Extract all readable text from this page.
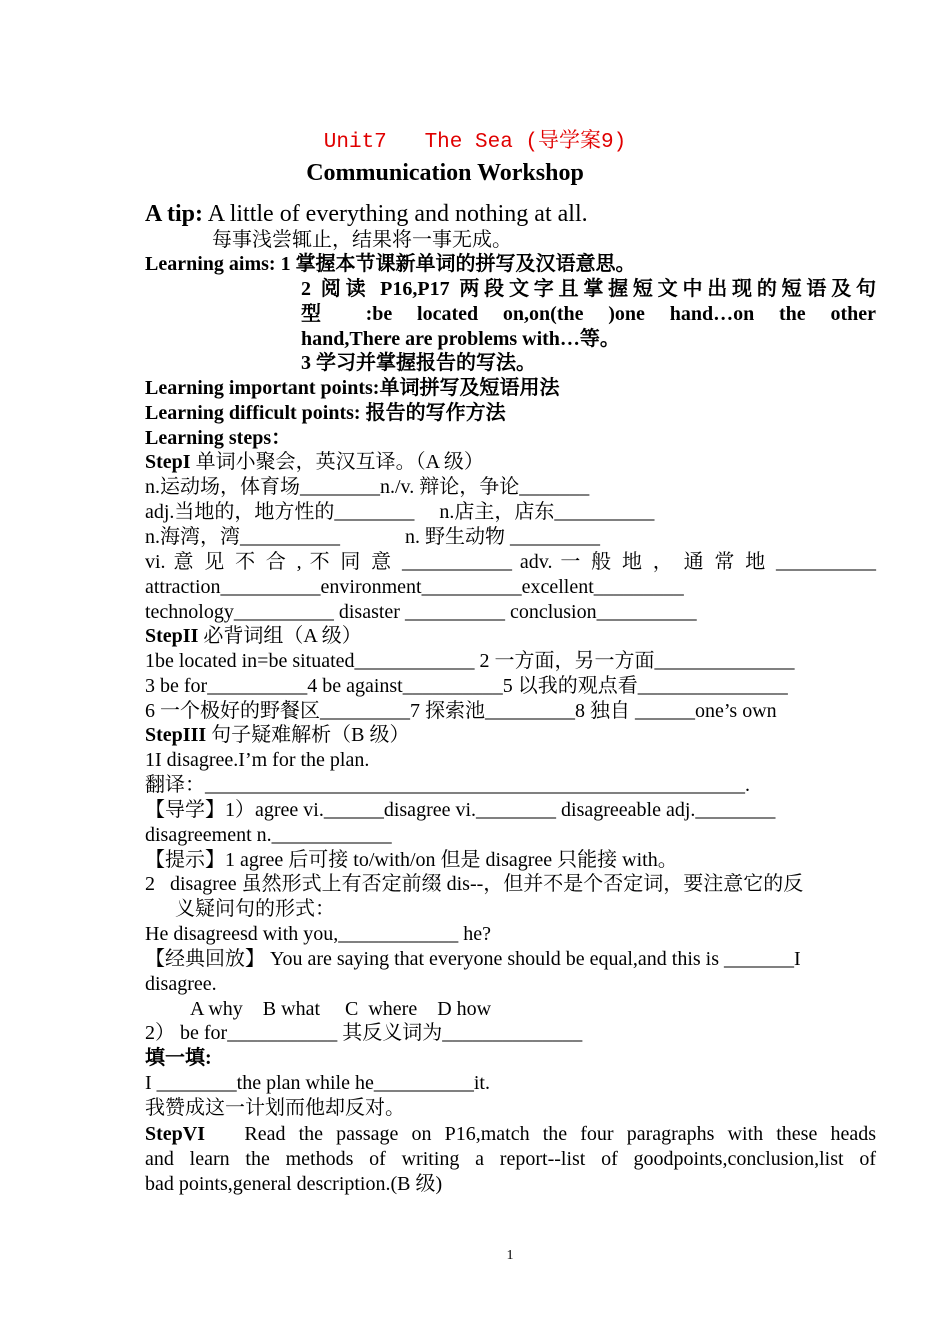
Unit7   The Sea (导学案9)
Communication Workshop
A tip: A little of everything and nothing at all.
每事浅尝辄止，结果将一事无成。
Learning aims: 1 掌握本节课新单词的拼写及汉语意思。
2 阅读 P16,P17 两段文字且掌握短文中出现的短语及句
型 :be located on,on(the )one hand…on the other
hand,There are problems with…等。
3 学习并掌握报告的写法。
Learning important points:单词拼写及短语用法
Learning difficult points: 报告的写作方法
Learning steps：
StepI 单词小聚会，英汉互译。（A 级）
n.运动场，体育场________n./v. 辩论，争论_______
adj.当地的，地方性的________     n.店主，店东__________
n.海湾，湾__________             n. 野生动物 _________
vi. 意 见 不 合 , 不 同 意 ___________ adv. 一 般 地 ， 通 常 地 __________
attraction__________environment__________excellent_________
technology__________ disaster __________ conclusion__________
StepII 必背词组（A 级）
1be located in=be situated____________ 2 一方面，另一方面______________
3 be for__________4 be against__________5 以我的观点看_______________
6 一个极好的野餐区_________7 探索池_________8 独自 ______one’s own
StepIII 句子疑难解析（B 级）
1I disagree.I’m for the plan.
翻译：______________________________________________________.
【导学】1）agree vi.______disagree vi.________ disagreeable adj.________
disagreement n.____________
【提示】1 agree 后可接 to/with/on 但是 disagree 只能接 with。
2   disagree 虽然形式上有否定前缀 dis--，但并不是个否定词，要注意它的反
义疑问句的形式：
He disagreesd with you,____________ he?
【经典回放】 You are saying that everyone should be equal,and this is _______I
disagree.
A why    B what     C  where    D how
2） be for___________ 其反义词为______________
填一填:
I ________the plan while he__________it.
我赞成这一计划而他却反对。
StepVI   Read the passage on P16,match the four paragraphs with these heads
and learn the methods of writing a report--list of goodpoints,conclusion,list of
bad points,general description.(B 级)
1
